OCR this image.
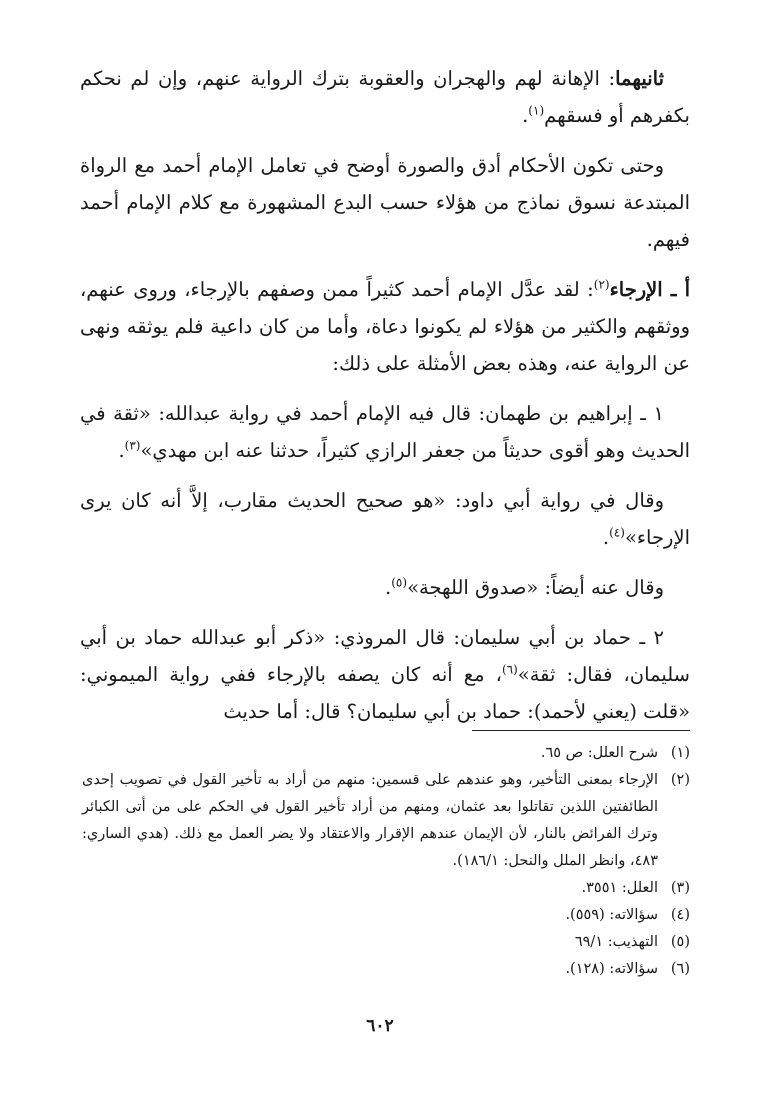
ثانيهما: الإهانة لهم والهجران والعقوبة بترك الرواية عنهم، وإن لم نحكم بكفرهم أو فسقهم$^{(١)}$.

وحتى تكون الأحكام أدق والصورة أوضح في تعامل الإمام أحمد مع الرواة المبتدعة نسوق نماذج من هؤلاء حسب البدع المشهورة مع كلام الإمام أحمد فيهم.

أ ـ الإرجاء$^{(٢)}$: لقد عدَّل الإمام أحمد كثيراً ممن وصفهم بالإرجاء، وروى عنهم، ووثقهم والكثير من هؤلاء لم يكونوا دعاة، وأما من كان داعية فلم يوثقه ونهى عن الرواية عنه، وهذه بعض الأمثلة على ذلك:

١ ـ إبراهيم بن طهمان: قال فيه الإمام أحمد في رواية عبدالله: «ثقة في الحديث وهو أقوى حديثاً من جعفر الرازي كثيراً، حدثنا عنه ابن مهدي»$^{(٣)}$.

وقال في رواية أبي داود: «هو صحيح الحديث مقارب، إلاَّ أنه كان يرى الإرجاء»$^{(٤)}$.

وقال عنه أيضاً: «صدوق اللهجة»$^{(٥)}$.

٢ ـ حماد بن أبي سليمان: قال المروذي: «ذكر أبو عبدالله حماد بن أبي سليمان، فقال: ثقة»$^{(٦)}$، مع أنه كان يصفه بالإرجاء ففي رواية الميموني: «قلت (يعني لأحمد): حماد بن أبي سليمان؟ قال: أما حديث

(١)
شرح العلل: ص ٦٥.
(٢)
الإرجاء بمعنى التأخير، وهو عندهم على قسمين: منهم من أراد به تأخير القول في تصويب إحدى الطائفتين اللذين تقاتلوا بعد عثمان، ومنهم من أراد تأخير القول في الحكم على من أتى الكبائر وترك الفرائض بالنار، لأن الإيمان عندهم الإقرار والاعتقاد ولا يضر العمل مع ذلك. (هدي الساري: ٤٨٣، وانظر الملل والنحل: ١٨٦/١).
(٣)
العلل: ٣٥٥١.
(٤)
سؤالاته: (٥٥٩).
(٥)
التهذيب: ٦٩/١
(٦)
سؤالاته: (١٢٨).
٦٠٢
